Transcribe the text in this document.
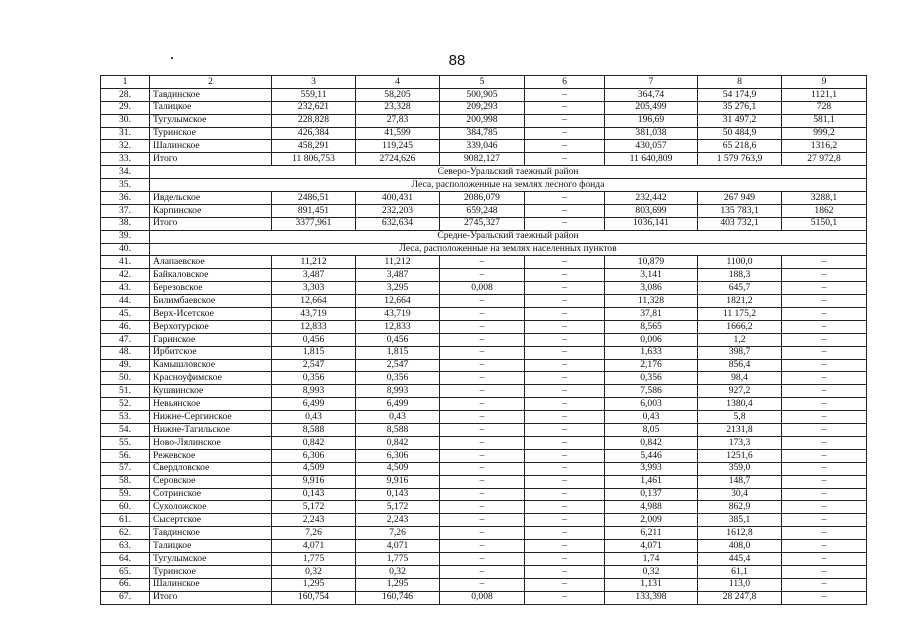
88
1	2	3	4	5	6	7	8	9
28.	Тавдинское	559,11	58,205	500,905	–	364,74	54 174,9	1121,1
29.	Талицкое	232,621	23,328	209,293	–	205,499	35 276,1	728
30.	Тугулымское	228,828	27,83	200,998	–	196,69	31 497,2	581,1
31.	Туринское	426,384	41,599	384,785	–	381,038	50 484,9	999,2
32.	Шалинское	458,291	119,245	339,046	–	430,057	65 218,6	1316,2
33.	Итого	11 806,753	2724,626	9082,127	–	11 640,809	1 579 763,9	27 972,8
34.	Северо-Уральский таежный район							
35.	Леса, расположенные на землях лесного фонда							
36.	Ивдельское	2486,51	400,431	2086,079	–	232,442	267 949	3288,1
37.	Карпинское	891,451	232,203	659,248	–	803,699	135 783,1	1862
38.	Итого	3377,961	632,634	2745,327	–	1036,141	403 732,1	5150,1
39.	Средне-Уральский таежный район							
40.	Леса, расположенные на землях населенных пунктов							
41.	Алапаевское	11,212	11,212	–	–	10,879	1100,0	–
42.	Байкаловское	3,487	3,487	–	–	3,141	188,3	–
43.	Березовское	3,303	3,295	0,008	–	3,086	645,7	–
44.	Билимбаевское	12,664	12,664	–	–	11,328	1821,2	–
45.	Верх-Исетское	43,719	43,719	–	–	37,81	11 175,2	–
46.	Верхотурское	12,833	12,833	–	–	8,565	1666,2	–
47.	Гаринское	0,456	0,456	–	–	0,006	1,2	–
48.	Ирбитское	1,815	1,815	–	–	1,633	398,7	–
49.	Камышловское	2,547	2,547	–	–	2,176	856,4	–
50.	Красноуфимское	0,356	0,356	–	–	0,356	98,4	–
51.	Кушвинское	8,993	8,993	–	–	7,586	927,2	–
52.	Невьянское	6,499	6,499	–	–	6,003	1380,4	–
53.	Нижне-Сергинское	0,43	0,43	–	–	0,43	5,8	–
54.	Нижне-Тагильское	8,588	8,588	–	–	8,05	2131,8	–
55.	Ново-Лялинское	0,842	0,842	–	–	0,842	173,3	–
56.	Режевское	6,306	6,306	–	–	5,446	1251,6	–
57.	Свердловское	4,509	4,509	–	–	3,993	359,0	–
58.	Серовское	9,916	9,916	–	–	1,461	148,7	–
59.	Сотринское	0,143	0,143	–	–	0,137	30,4	–
60.	Сухоложское	5,172	5,172	–	–	4,988	862,9	–
61.	Сысертское	2,243	2,243	–	–	2,009	385,1	–
62.	Тавдинское	7,26	7,26	–	–	6,211	1612,8	–
63.	Талицкое	4,071	4,071	–	–	4,071	408,0	–
64.	Тугулымское	1,775	1,775	–	–	1,74	445,4	–
65.	Туринское	0,32	0,32	–	–	0,32	61,1	–
66.	Шалинское	1,295	1,295	–	–	1,131	113,0	–
67.	Итого	160,754	160,746	0,008	–	133,398	28 247,8	–
